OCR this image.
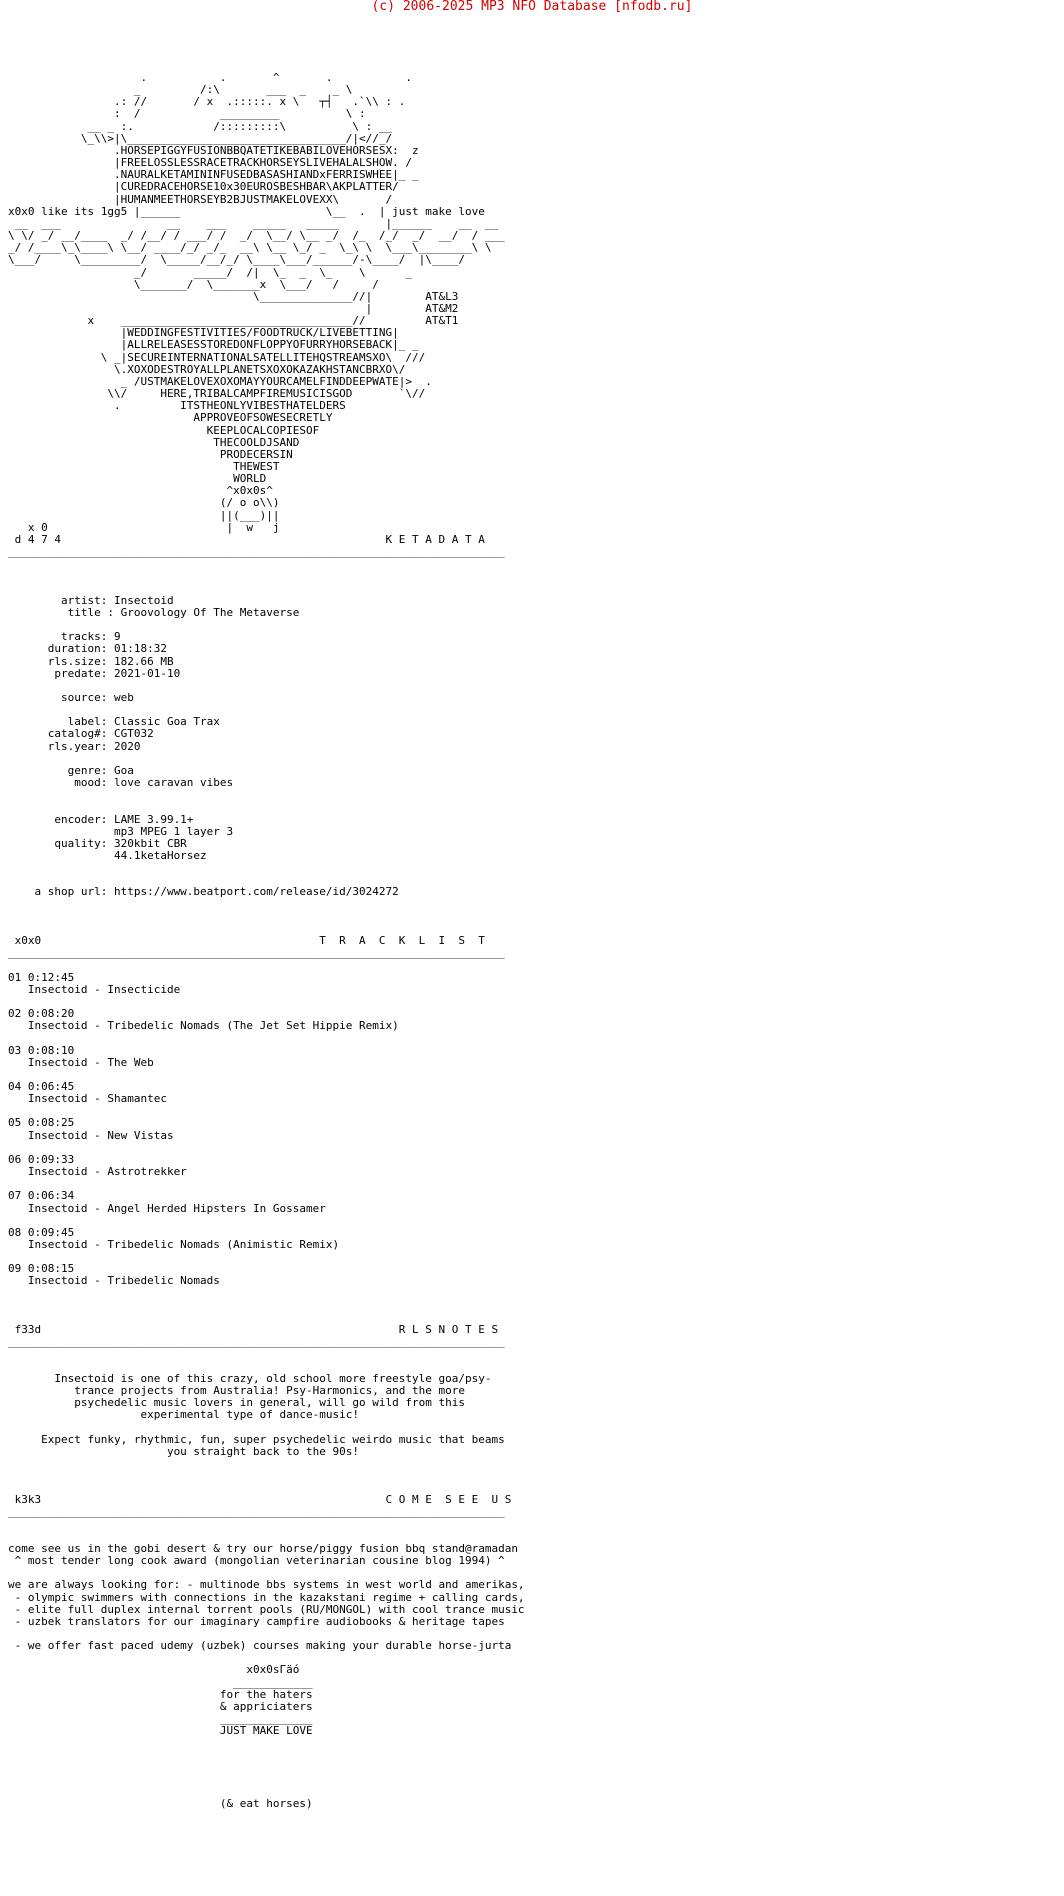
(c) 2006-2025 MP3 NFO Database [nfodb.ru]
.           .       ^       .           .
_         /:\       ___  _    _ \
.: //       / x  .:::::. x \   ┬┤   .`\\ : .
:  /            _________          \ :
__ _ :.            /:::::::::\          \ : __
\_\\>|\_________________________________/|<//_/
.HORSEPIGGYFUSIONBBQATETIKEBABILOVEHORSESX:  z
|FREELOSSLESSRACETRACKHORSEYSLIVEHALALSHOW. /
.NAURALKETAMININFUSEDBASASHIANDxFERRISWHEE|_ _
|CUREDRACEHORSE10x30EUROSBESHBAR\AKPLATTER/
|HUMANMEETHORSEYB2BJUSTMAKELOVEXX\       /
x0x0 like its 1gg5 |______                      \__  .  | just make love
__  ___                __    ___    _____   _____       |______    __  __
\ \/ _/ __/____  _/ /__/ / ___/ /  _/  \__/ \__ _/  /_  /_/  _/  __/  / ___
_/ /____\_\____\ \__/ ____/_/ _/_  __\ \__ \_/ _  \_\ \  \___\________\ \
\___/     \_________/  \_____/__/_/ \____\___/______/-\____/  |\____/
_/       _____/  /|  \_  _  \_    \      _
\_______/  \_______x  \___/   /     /
\______________//|        AT&L3
|        AT&M2
x    ___________________________________//         AT&T1
|WEDDINGFESTIVITIES/FOODTRUCK/LIVEBETTING|
|ALLRELEASESSTOREDONFLOPPYOFURRYHORSEBACK|_ _
\ _|SECUREINTERNATIONALSATELLITEHQSTREAMSXO\  ///
\.XOXODESTROYALLPLANETSXOXOKAZAKHSTANCBRXO\/
_ /USTMAKELOVEXOXOMAYYOURCAMELFINDDEEPWATE|>  .
\\/     HERE,TRIBALCAMPFIREMUSICISGOD       `\//
.         ITSTHEONLYVIBESTHATELDERS
APPROVEOFSOWESECRETLY
KEEPLOCALCOPIESOF
THECOOLDJSAND
PRODECERSIN
THEWEST
WORLD
^x0x0s^
(/ o o\\)
||(___)||
x 0                           |  w   j
d 4 7 4                                                 K E T A D A T A
___________________________________________________________________________

artist: Insectoid
title : Groovology Of The Metaverse

tracks: 9
duration: 01:18:32
rls.size: 182.66 MB
predate: 2021-01-10

source: web

label: Classic Goa Trax
catalog#: CGT032
rls.year: 2020

genre: Goa
mood: love caravan vibes

encoder: LAME 3.99.1+
mp3 MPEG 1 layer 3
quality: 320kbit CBR
44.1ketaHorsez

a shop url: https://www.beatport.com/release/id/3024272

x0x0                                          T  R  A  C  K  L  I  S  T
___________________________________________________________________________

01 0:12:45
Insectoid - Insecticide

02 0:08:20
Insectoid - Tribedelic Nomads (The Jet Set Hippie Remix)

03 0:08:10
Insectoid - The Web

04 0:06:45
Insectoid - Shamantec

05 0:08:25
Insectoid - New Vistas

06 0:09:33
Insectoid - Astrotrekker

07 0:06:34
Insectoid - Angel Herded Hipsters In Gossamer

08 0:09:45
Insectoid - Tribedelic Nomads (Animistic Remix)

09 0:08:15
Insectoid - Tribedelic Nomads

f33d                                                      R L S N O T E S
___________________________________________________________________________

Insectoid is one of this crazy, old school more freestyle goa/psy-
trance projects from Australia! Psy-Harmonics, and the more
psychedelic music lovers in general, will go wild from this
experimental type of dance-music!

Expect funky, rhythmic, fun, super psychedelic weirdo music that beams
you straight back to the 90s!

k3k3                                                    C O M E  S E E  U S
___________________________________________________________________________

come see us in the gobi desert & try our horse/piggy fusion bbq stand@ramadan
^ most tender long cook award (mongolian veterinarian cousine blog 1994) ^

we are always looking for: - multinode bbs systems in west world and amerikas,
- olympic swimmers with connections in the kazakstani regime + calling cards,
- elite full duplex internal torrent pools (RU/MONGOL) with cool trance music
- uzbek translators for our imaginary campfire audiobooks & heritage tapes

- we offer fast paced udemy (uzbek) courses making your durable horse-jurta

x0x0sГäó
____________
for the haters
& appriciaters
______________
JUST MAKE LOVE

(& eat horses)
